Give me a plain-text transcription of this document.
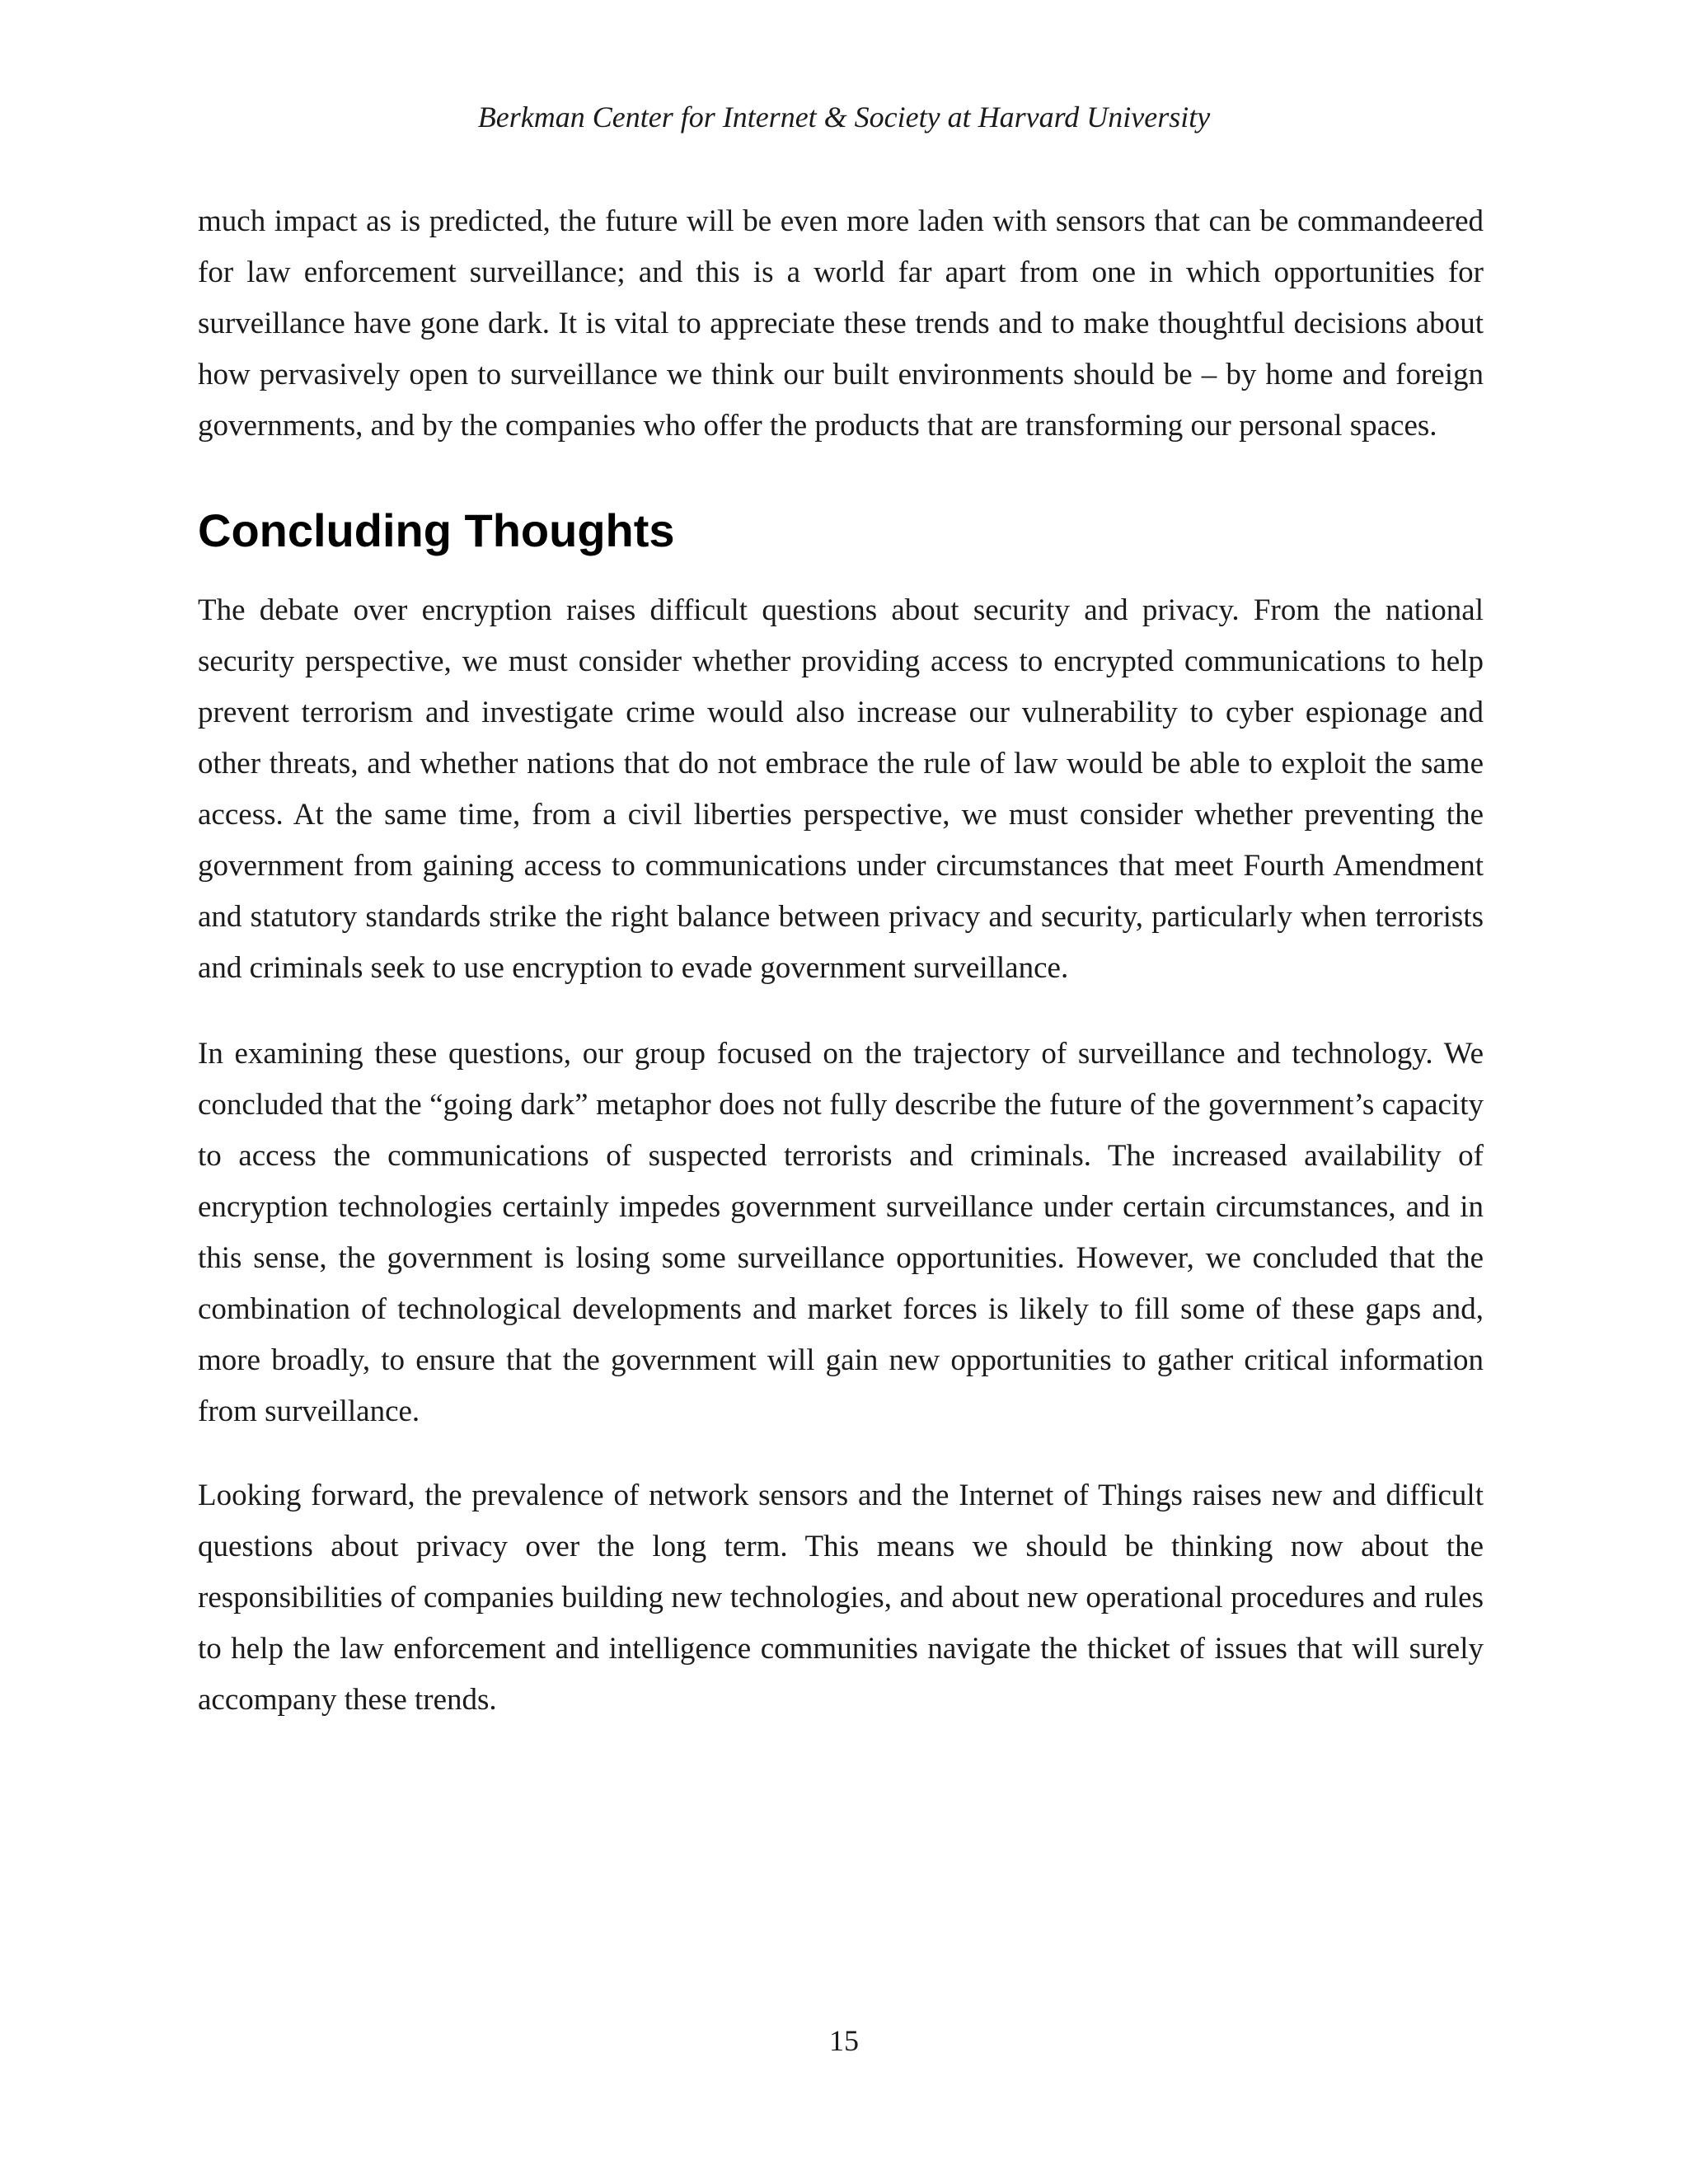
Berkman Center for Internet & Society at Harvard University

much impact as is predicted, the future will be even more laden with sensors that can be commandeered for law enforcement surveillance; and this is a world far apart from one in which opportunities for surveillance have gone dark. It is vital to appreciate these trends and to make thoughtful decisions about how pervasively open to surveillance we think our built environments should be – by home and foreign governments, and by the companies who offer the products that are transforming our personal spaces.

Concluding Thoughts

The debate over encryption raises difficult questions about security and privacy. From the national security perspective, we must consider whether providing access to encrypted communications to help prevent terrorism and investigate crime would also increase our vulnerability to cyber espionage and other threats, and whether nations that do not embrace the rule of law would be able to exploit the same access. At the same time, from a civil liberties perspective, we must consider whether preventing the government from gaining access to communications under circumstances that meet Fourth Amendment and statutory standards strike the right balance between privacy and security, particularly when terrorists and criminals seek to use encryption to evade government surveillance.

In examining these questions, our group focused on the trajectory of surveillance and technology. We concluded that the “going dark” metaphor does not fully describe the future of the government’s capacity to access the communications of suspected terrorists and criminals. The increased availability of encryption technologies certainly impedes government surveillance under certain circumstances, and in this sense, the government is losing some surveillance opportunities. However, we concluded that the combination of technological developments and market forces is likely to fill some of these gaps and, more broadly, to ensure that the government will gain new opportunities to gather critical information from surveillance.

Looking forward, the prevalence of network sensors and the Internet of Things raises new and difficult questions about privacy over the long term. This means we should be thinking now about the responsibilities of companies building new technologies, and about new operational procedures and rules to help the law enforcement and intelligence communities navigate the thicket of issues that will surely accompany these trends.

15
